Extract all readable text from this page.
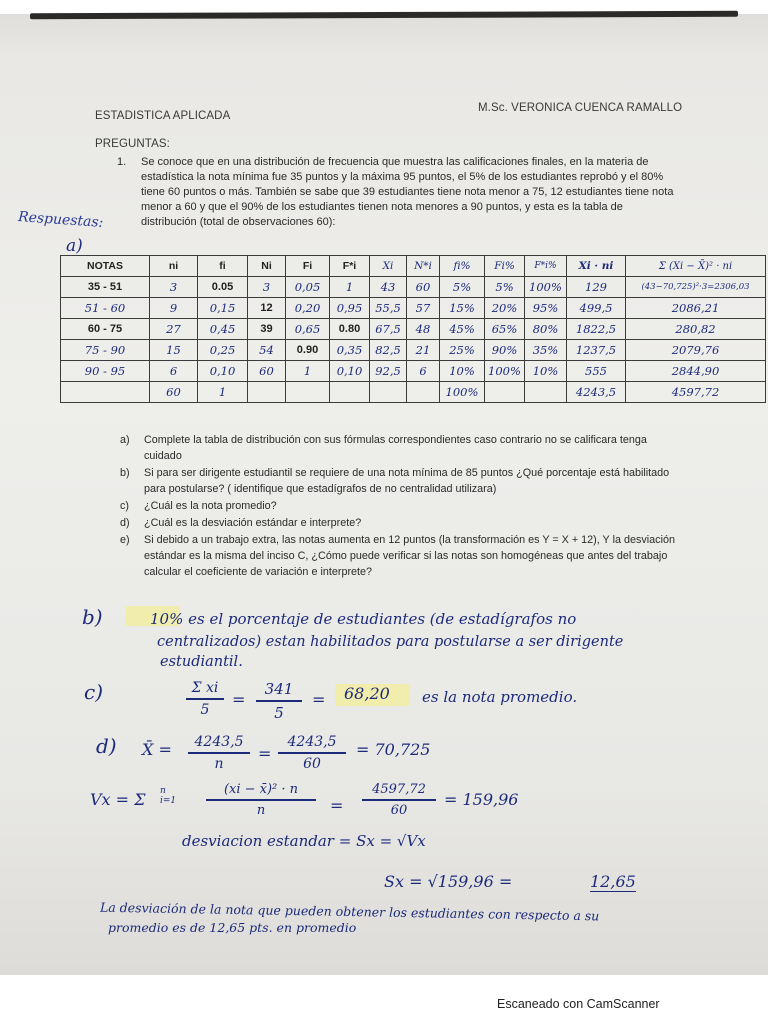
ESTADISTICA APLICADA
M.Sc. VERONICA CUENCA RAMALLO
PREGUNTAS:
1. Se conoce que en una distribución de frecuencia que muestra las calificaciones finales, en la materia de estadística la nota mínima fue 35 puntos y la máxima 95 puntos, el 5% de los estudiantes reprobó y el 80% tiene 60 puntos o más. También se sabe que 39 estudiantes tiene nota menor a 75, 12 estudiantes tiene nota menor a 60 y que el 90% de los estudiantes tienen nota menores a 90 puntos, y esta es la tabla de distribución (total de observaciones 60):
Respuestas:
a)
NOTAS	ni	fi	Ni	Fi	F*i	Xi	N*i	fi%	Fi%	F*i%	Xi · ni	Σ (Xi − X̄)² · ni
35 - 51	3	0.05	3	0,05	1	43	60	5%	5%	100%	129	(43−70,725)²·3=2306,03
51 - 60	9	0,15	12	0,20	0,95	55,5	57	15%	20%	95%	499,5	2086,21
60 - 75	27	0,45	39	0,65	0.80	67,5	48	45%	65%	80%	1822,5	280,82
75 - 90	15	0,25	54	0.90	0,35	82,5	21	25%	90%	35%	1237,5	2079,76
90 - 95	6	0,10	60	1	0,10	92,5	6	10%	100%	10%	555	2844,90
	60	1						100%			4243,5	4597,72
a) Complete la tabla de distribución con sus fórmulas correspondientes caso contrario no se calificara tenga cuidado
b) Si para ser dirigente estudiantil se requiere de una nota mínima de 85 puntos ¿Qué porcentaje está habilitado para postularse? ( identifique que estadígrafos de no centralidad utilizara)
c) ¿Cuál es la nota promedio?
d) ¿Cuál es la desviación estándar e interprete?
e) Si debido a un trabajo extra, las notas aumenta en 12 puntos (la transformación es Y = X + 12), Y la desviación estándar es la misma del inciso C, ¿Cómo puede verificar si las notas son homogéneas que antes del trabajo calcular el coeficiente de variación e interprete?
b)	10% es el porcentaje de estudiantes (de estadígrafos no
centralizados) estan habilitados para postularse a ser dirigente
estudiantil.
c)	Σ xi
5
=
341
5
= 68,20 es la nota promedio.
d) X̄ =	4243,5
n
=
4243,5
60
= 70,725
Vx = Σ n
i=1
(xi − x̄)² · n
n	=
4597,72
60
= 159,96
desviacion estandar = Sx = √Vx
Sx = √159,96 =	12,65
La desviación de la nota que pueden obtener los estudiantes con respecto a su
promedio es de 12,65 pts. en promedio
Escaneado con CamScanner
